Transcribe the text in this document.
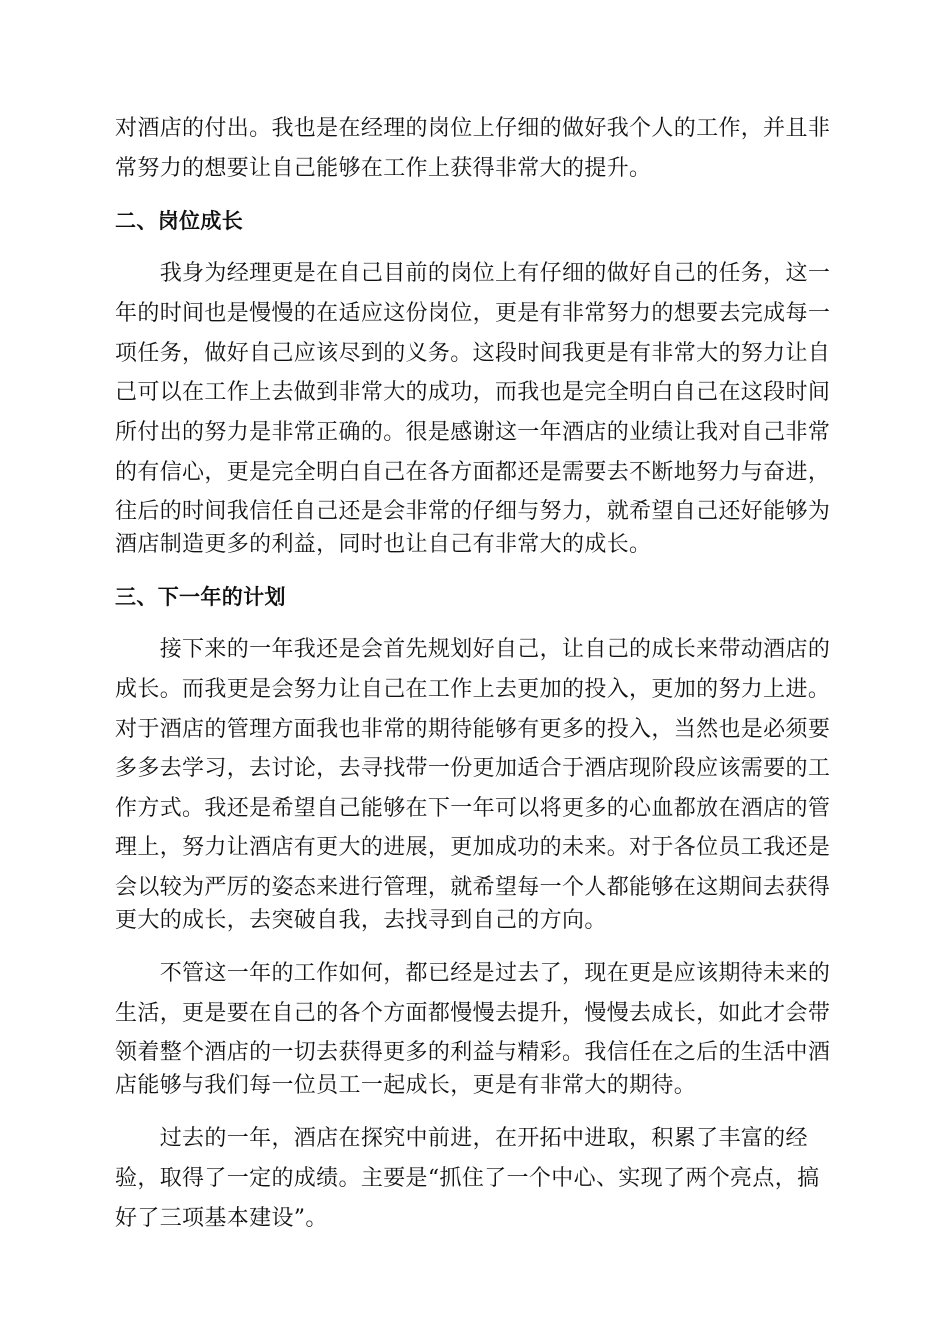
对酒店的付出。我也是在经理的岗位上仔细的做好我个人的工作，并且非
常努力的想要让自己能够在工作上获得非常大的提升。
二、岗位成长
　　我身为经理更是在自己目前的岗位上有仔细的做好自己的任务，这一
年的时间也是慢慢的在适应这份岗位，更是有非常努力的想要去完成每一
项任务，做好自己应该尽到的义务。这段时间我更是有非常大的努力让自
己可以在工作上去做到非常大的成功，而我也是完全明白自己在这段时间
所付出的努力是非常正确的。很是感谢这一年酒店的业绩让我对自己非常
的有信心，更是完全明白自己在各方面都还是需要去不断地努力与奋进，
往后的时间我信任自己还是会非常的仔细与努力，就希望自己还好能够为
酒店制造更多的利益，同时也让自己有非常大的成长。
三、下一年的计划
　　接下来的一年我还是会首先规划好自己，让自己的成长来带动酒店的
成长。而我更是会努力让自己在工作上去更加的投入，更加的努力上进。
对于酒店的管理方面我也非常的期待能够有更多的投入，当然也是必须要
多多去学习，去讨论，去寻找带一份更加适合于酒店现阶段应该需要的工
作方式。我还是希望自己能够在下一年可以将更多的心血都放在酒店的管
理上，努力让酒店有更大的进展，更加成功的未来。对于各位员工我还是
会以较为严厉的姿态来进行管理，就希望每一个人都能够在这期间去获得
更大的成长，去突破自我，去找寻到自己的方向。
　　不管这一年的工作如何，都已经是过去了，现在更是应该期待未来的
生活，更是要在自己的各个方面都慢慢去提升，慢慢去成长，如此才会带
领着整个酒店的一切去获得更多的利益与精彩。我信任在之后的生活中酒
店能够与我们每一位员工一起成长，更是有非常大的期待。
　　过去的一年，酒店在探究中前进，在开拓中进取，积累了丰富的经
验，取得了一定的成绩。主要是“抓住了一个中心、实现了两个亮点，搞
好了三项基本建设”。
